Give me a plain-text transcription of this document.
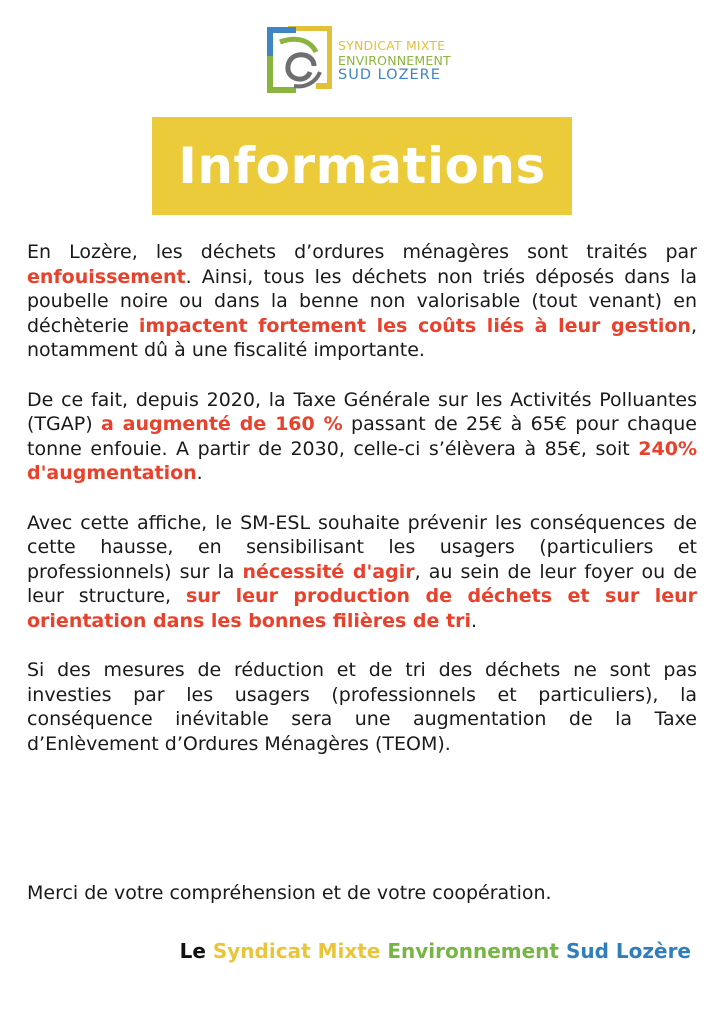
SYNDICAT MIXTE
ENVIRONNEMENT
SUD LOZERE
Informations

En Lozère, les déchets d’ordures ménagères sont traités par enfouissement. Ainsi, tous les déchets non triés déposés dans la poubelle noire ou dans la benne non valorisable (tout venant) en déchèterie impactent fortement les coûts liés à leur gestion, notamment dû à une fiscalité importante.

De ce fait, depuis 2020, la Taxe Générale sur les Activités Polluantes (TGAP) a augmenté de 160 % passant de 25€ à 65€ pour chaque tonne enfouie. A partir de 2030, celle-ci s’élèvera à 85€, soit 240% d'augmentation.

Avec cette affiche, le SM-ESL souhaite prévenir les conséquences de cette hausse, en sensibilisant les usagers (particuliers et professionnels) sur la nécessité d'agir, au sein de leur foyer ou de leur structure, sur leur production de déchets et sur leur orientation dans les bonnes filières de tri.

Si des mesures de réduction et de tri des déchets ne sont pas investies par les usagers (professionnels et particuliers), la conséquence inévitable sera une augmentation de la Taxe d’Enlèvement d’Ordures Ménagères (TEOM).

Merci de votre compréhension et de votre coopération.
Le Syndicat Mixte Environnement Sud Lozère
